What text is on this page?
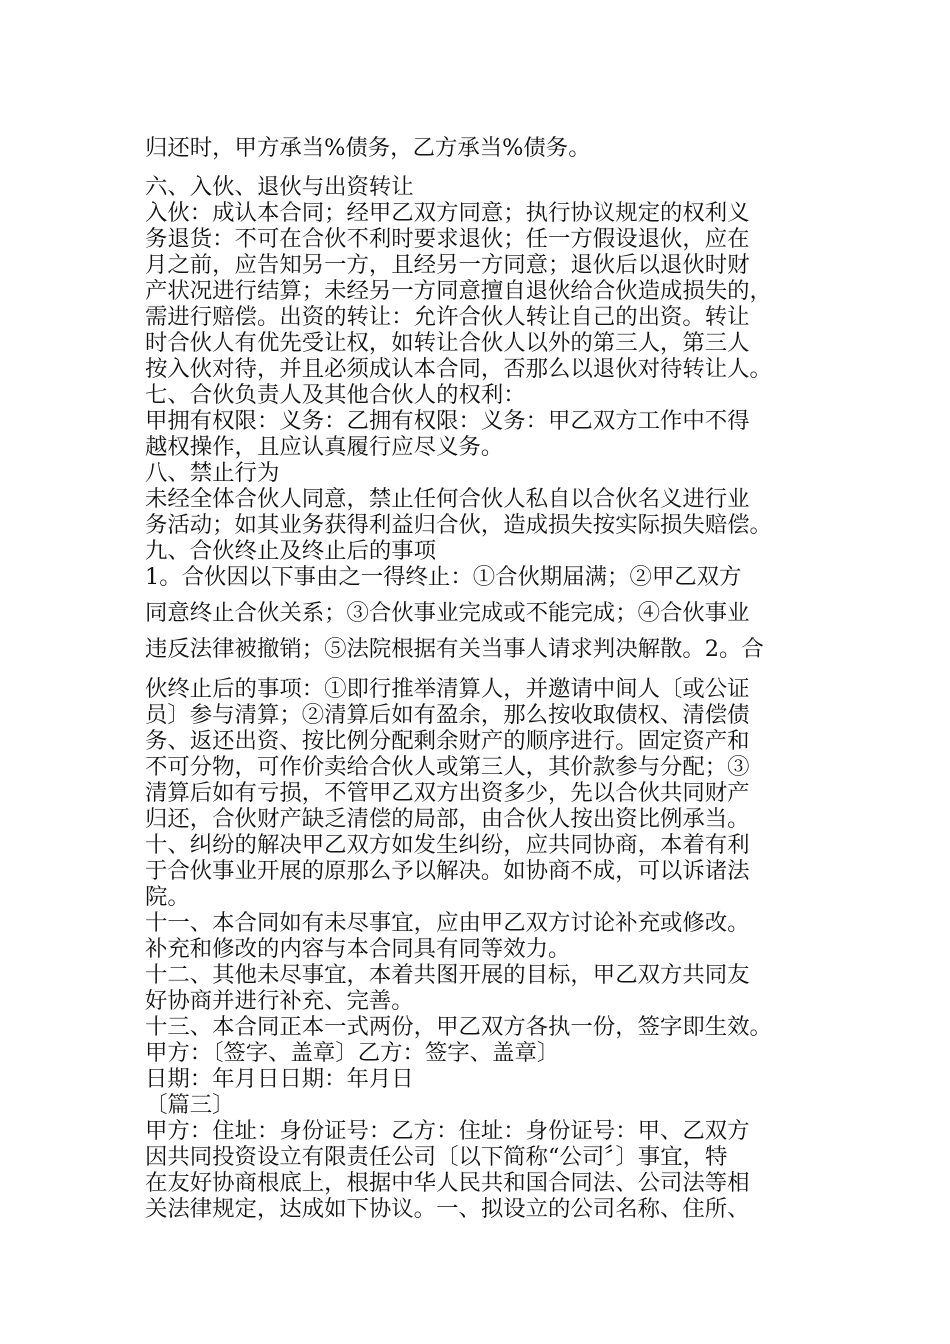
归还时，甲方承当%债务，乙方承当%债务。
六、入伙、退伙与出资转让
入伙：成认本合同；经甲乙双方同意；执行协议规定的权利义
务退货：不可在合伙不利时要求退伙；任一方假设退伙，应在
月之前，应告知另一方，且经另一方同意；退伙后以退伙时财
产状况进行结算；未经另一方同意擅自退伙给合伙造成损失的，
需进行赔偿。出资的转让：允许合伙人转让自己的出资。转让
时合伙人有优先受让权，如转让合伙人以外的第三人，第三人
按入伙对待，并且必须成认本合同，否那么以退伙对待转让人。
七、合伙负责人及其他合伙人的权利：
甲拥有权限：义务：乙拥有权限：义务：甲乙双方工作中不得
越权操作，且应认真履行应尽义务。
八、禁止行为
未经全体合伙人同意，禁止任何合伙人私自以合伙名义进行业
务活动；如其业务获得利益归合伙，造成损失按实际损失赔偿。
九、合伙终止及终止后的事项
1。合伙因以下事由之一得终止：①合伙期届满；②甲乙双方
同意终止合伙关系；③合伙事业完成或不能完成；④合伙事业
违反法律被撤销；⑤法院根据有关当事人请求判决解散。2。合
伙终止后的事项：①即行推举清算人，并邀请中间人〔或公证
员〕参与清算；②清算后如有盈余，那么按收取债权、清偿债
务、返还出资、按比例分配剩余财产的顺序进行。固定资产和
不可分物，可作价卖给合伙人或第三人，其价款参与分配；③
清算后如有亏损，不管甲乙双方出资多少，先以合伙共同财产
归还，合伙财产缺乏清偿的局部，由合伙人按出资比例承当。
十、纠纷的解决甲乙双方如发生纠纷，应共同协商，本着有利
于合伙事业开展的原那么予以解决。如协商不成，可以诉诸法
院。
十一、本合同如有未尽事宜，应由甲乙双方讨论补充或修改。
补充和修改的内容与本合同具有同等效力。
十二、其他未尽事宜，本着共图开展的目标，甲乙双方共同友
好协商并进行补充、完善。
十三、本合同正本一式两份，甲乙双方各执一份，签字即生效。
甲方：〔签字、盖章〕乙方：签字、盖章〕
日期：年月日日期：年月日
〔篇三〕
甲方：住址：身份证号：乙方：住址：身份证号：甲、乙双方
因共同投资设立有限责任公司〔以下简称“公司〞〕事宜，特
在友好协商根底上，根据中华人民共和国合同法、公司法等相
关法律规定，达成如下协议。一、拟设立的公司名称、住所、
